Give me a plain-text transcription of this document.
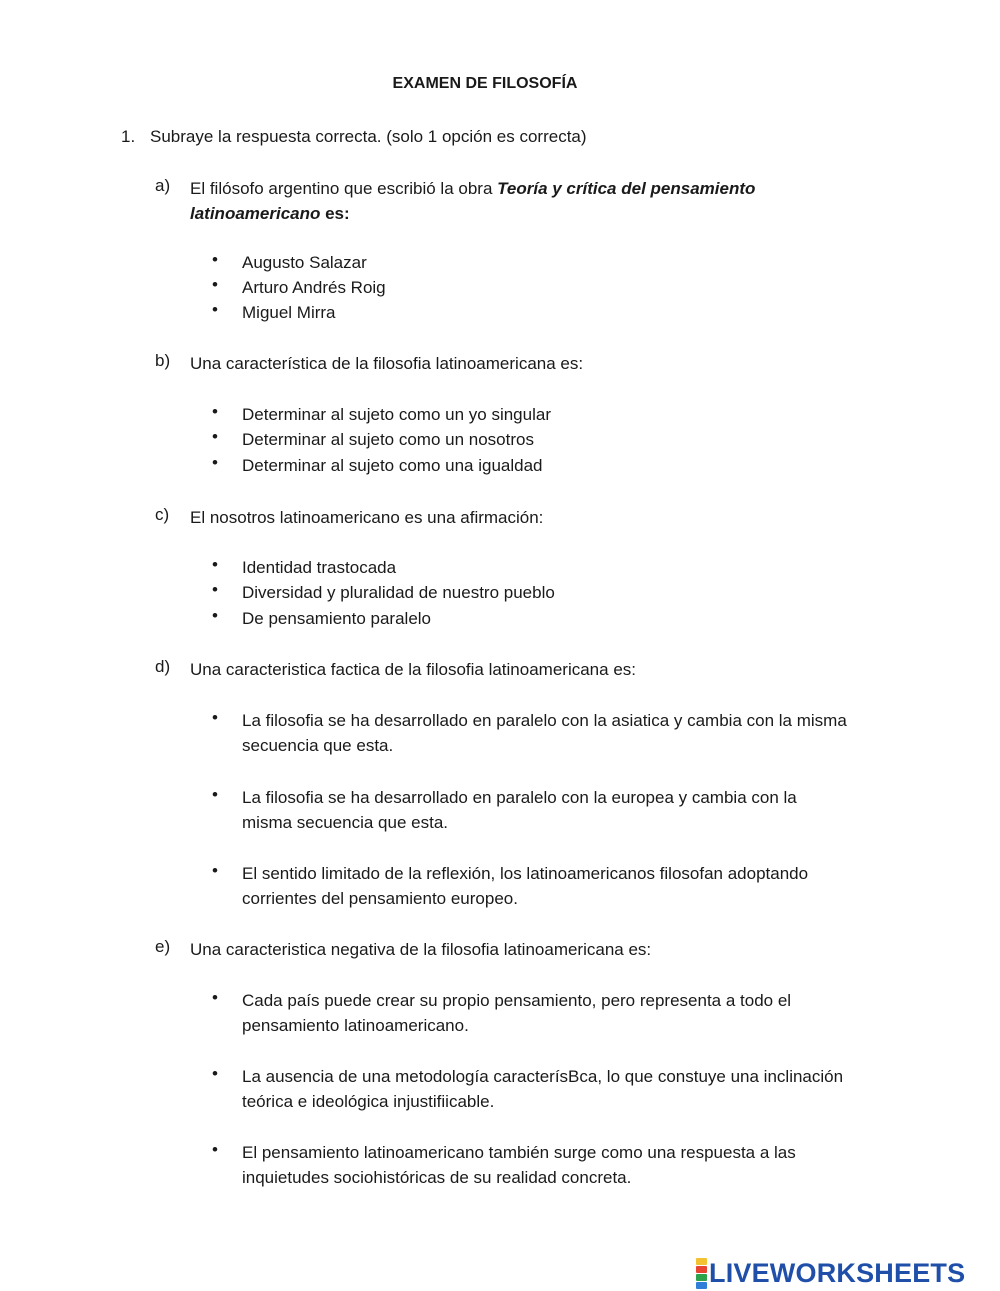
EXAMEN DE FILOSOFÍA
1. Subraye la respuesta correcta. (solo 1 opción es correcta)
a)	El filósofo argentino que escribió la obra Teoría y crítica del pensamiento latinoamericano es:
•	Augusto Salazar
•	Arturo Andrés Roig
•	Miguel Mirra
b)	Una característica de la filosofia latinoamericana es:
•	Determinar al sujeto como un yo singular
•	Determinar al sujeto como un nosotros
•	Determinar al sujeto como una igualdad
c)	El nosotros latinoamericano es una afirmación:
•	Identidad trastocada
•	Diversidad y pluralidad de nuestro pueblo
•	De pensamiento paralelo
d)	Una caracteristica factica de la filosofia latinoamericana es:
•	La filosofia se ha desarrollado en paralelo con la asiatica y cambia con la misma secuencia que esta.
•	La filosofia se ha desarrollado en paralelo con la europea y cambia con la misma secuencia que esta.
•	El sentido limitado de la reflexión, los latinoamericanos filosofan adoptando corrientes del pensamiento europeo.
e)	Una caracteristica negativa de la filosofia latinoamericana es:
•	Cada país puede crear su propio pensamiento, pero representa a todo el pensamiento latinoamericano.
•	La ausencia de una metodología caracterísBca, lo que constuye una inclinación teórica e ideológica injustifiicable.
•	El pensamiento latinoamericano también surge como una respuesta a las inquietudes sociohistóricas de su realidad concreta.
LIVEWORKSHEETS
